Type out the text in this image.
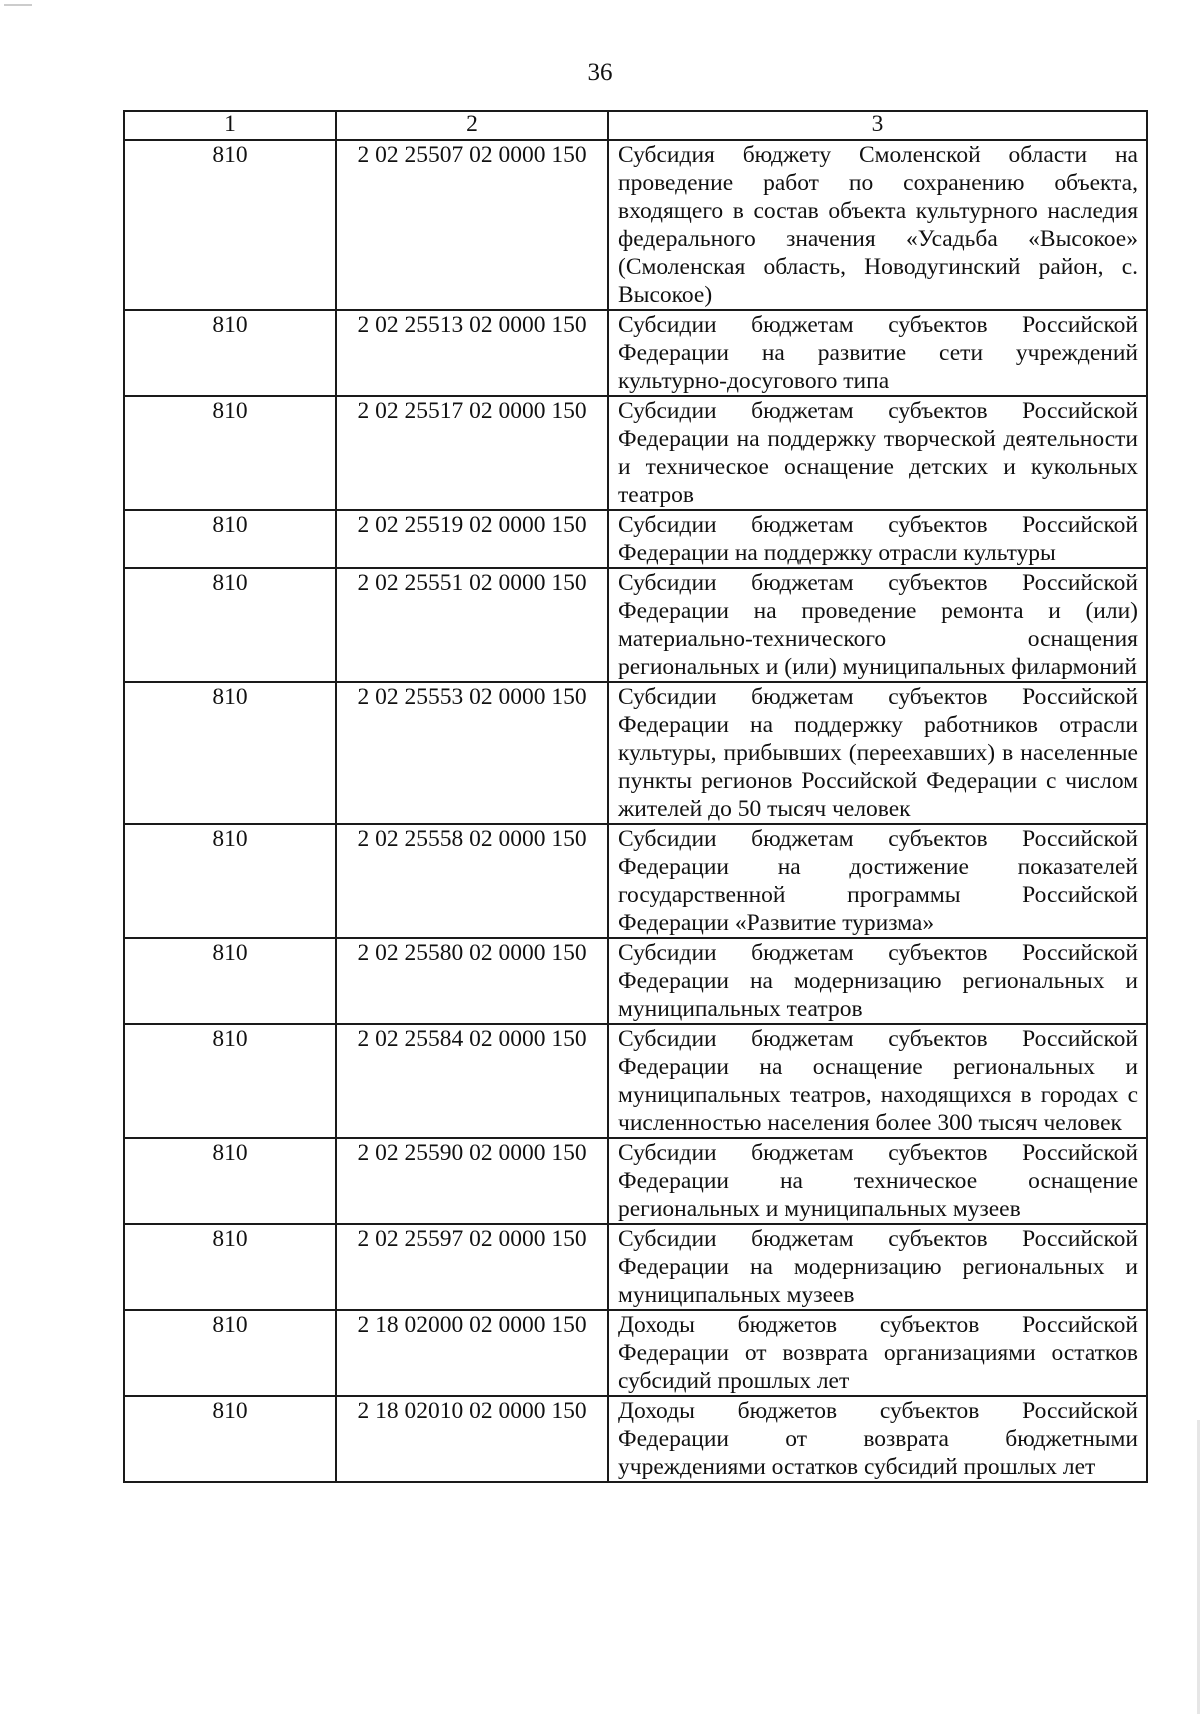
36
1	2	3
810	2 02 25507 02 0000 150	Субсидия бюджету Смоленской области на проведение работ по сохранению объекта, входящего в состав объекта культурного наследия федерального значения «Усадьба «Высокое» (Смоленская область, Новодугинский район, с. Высокое)
810	2 02 25513 02 0000 150	Субсидии бюджетам субъектов Российской Федерации на развитие сети учреждений культурно-досугового типа
810	2 02 25517 02 0000 150	Субсидии бюджетам субъектов Российской Федерации на поддержку творческой деятельности и техническое оснащение детских и кукольных театров
810	2 02 25519 02 0000 150	Субсидии бюджетам субъектов Российской Федерации на поддержку отрасли культуры
810	2 02 25551 02 0000 150	Субсидии бюджетам субъектов Российской Федерации на проведение ремонта и (или) материально-технического оснащения региональных и (или) муниципальных филармоний
810	2 02 25553 02 0000 150	Субсидии бюджетам субъектов Российской Федерации на поддержку работников отрасли культуры, прибывших (переехавших) в населенные пункты регионов Российской Федерации с числом жителей до 50 тысяч человек
810	2 02 25558 02 0000 150	Субсидии бюджетам субъектов Российской Федерации на достижение показателей государственной программы Российской Федерации «Развитие туризма»
810	2 02 25580 02 0000 150	Субсидии бюджетам субъектов Российской Федерации на модернизацию региональных и муниципальных театров
810	2 02 25584 02 0000 150	Субсидии бюджетам субъектов Российской Федерации на оснащение региональных и муниципальных театров, находящихся в городах с численностью населения более 300 тысяч человек
810	2 02 25590 02 0000 150	Субсидии бюджетам субъектов Российской Федерации на техническое оснащение региональных и муниципальных музеев
810	2 02 25597 02 0000 150	Субсидии бюджетам субъектов Российской Федерации на модернизацию региональных и муниципальных музеев
810	2 18 02000 02 0000 150	Доходы бюджетов субъектов Российской Федерации от возврата организациями остатков субсидий прошлых лет
810	2 18 02010 02 0000 150	Доходы бюджетов субъектов Российской Федерации от возврата бюджетными учреждениями остатков субсидий прошлых лет
